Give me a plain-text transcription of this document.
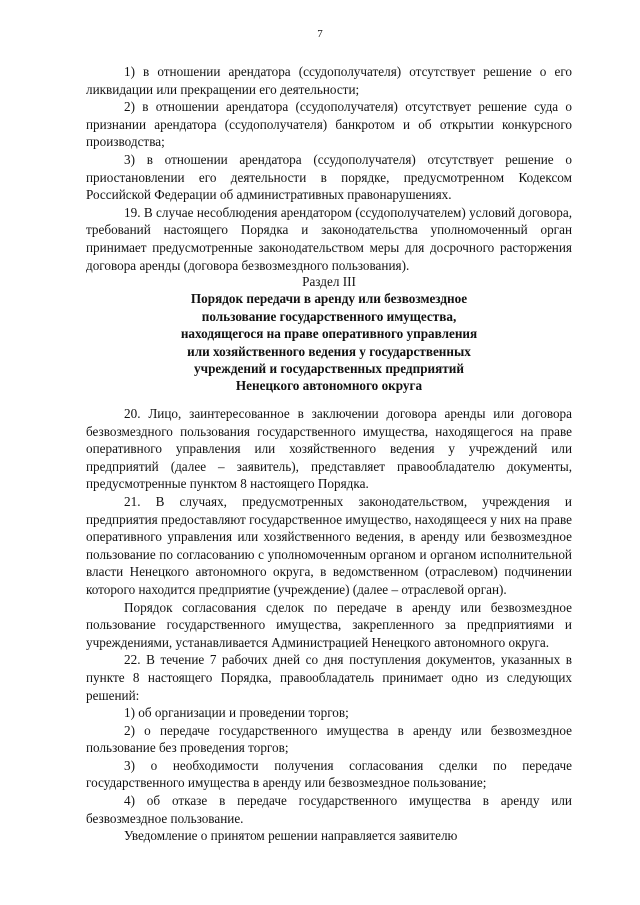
7

1) в отношении арендатора (ссудополучателя) отсутствует решение о его ликвидации или прекращении его деятельности;

2) в отношении арендатора (ссудополучателя) отсутствует решение суда о признании арендатора (ссудополучателя) банкротом и об открытии конкурсного производства;

3) в отношении арендатора (ссудополучателя) отсутствует решение о приостановлении его деятельности в порядке, предусмотренном Кодексом Российской Федерации об административных правонарушениях.

19. В случае несоблюдения арендатором (ссудополучателем) условий договора, требований настоящего Порядка и законодательства уполномоченный орган принимает предусмотренные законодательством меры для досрочного расторжения договора аренды (договора безвозмездного пользования).

Раздел III
Порядок передачи в аренду или безвозмездное
пользование государственного имущества,
находящегося на праве оперативного управления
или хозяйственного ведения у государственных
учреждений и государственных предприятий
Ненецкого автономного округа

20. Лицо, заинтересованное в заключении договора аренды или договора безвозмездного пользования государственного имущества, находящегося на праве оперативного управления или хозяйственного ведения у учреждений или предприятий (далее – заявитель), представляет правообладателю документы, предусмотренные пунктом 8 настоящего Порядка.

21. В случаях, предусмотренных законодательством, учреждения и предприятия предоставляют государственное имущество, находящееся у них на праве оперативного управления или хозяйственного ведения, в аренду или безвозмездное пользование по согласованию с уполномоченным органом и органом исполнительной власти Ненецкого автономного округа, в ведомственном (отраслевом) подчинении которого находится предприятие (учреждение) (далее – отраслевой орган).

Порядок согласования сделок по передаче в аренду или безвозмездное пользование государственного имущества, закрепленного за предприятиями и учреждениями, устанавливается Администрацией Ненецкого автономного округа.

22. В течение 7 рабочих дней со дня поступления документов, указанных в пункте 8 настоящего Порядка, правообладатель принимает одно из следующих решений:

1) об организации и проведении торгов;

2) о передаче государственного имущества в аренду или безвозмездное пользование без проведения торгов;

3) о необходимости получения согласования сделки по передаче государственного имущества в аренду или безвозмездное пользование;

4) об отказе в передаче государственного имущества в аренду или безвозмездное пользование.

Уведомление о принятом решении направляется заявителю
